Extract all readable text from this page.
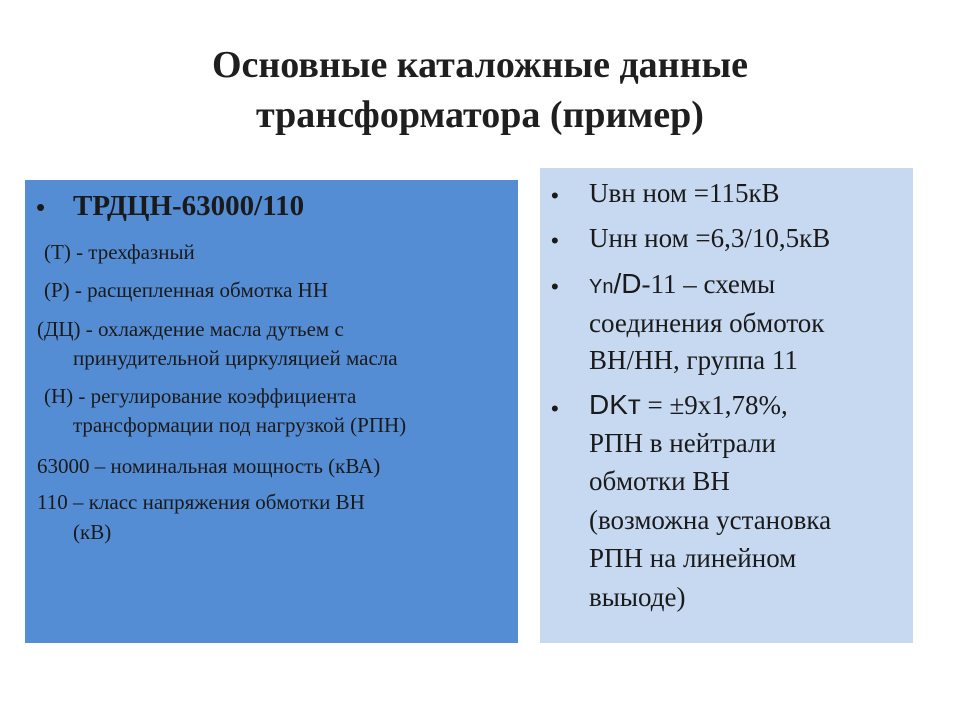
Основные каталожные данные
трансформатора (пример)
• ТРДЦН-63000/110
(Т) - трехфазный
(Р) - расщепленная обмотка НН
(ДЦ) - охлаждение масла дутьем с
принудительной циркуляцией масла
(Н) - регулирование коэффициента
трансформации под нагрузкой (РПН)
63000 – номинальная мощность (кВА)
110 – класс напряжения обмотки ВН
(кВ)
• Uвн ном =115кВ
• Uнн ном =6,3/10,5кВ
• Yn/D-11 – схемы
соединения обмоток
ВН/НН, группа 11
• DKт = ±9х1,78%,
РПН в нейтрали
обмотки ВН
(возможна установка
РПН на линейном
выыоде)
